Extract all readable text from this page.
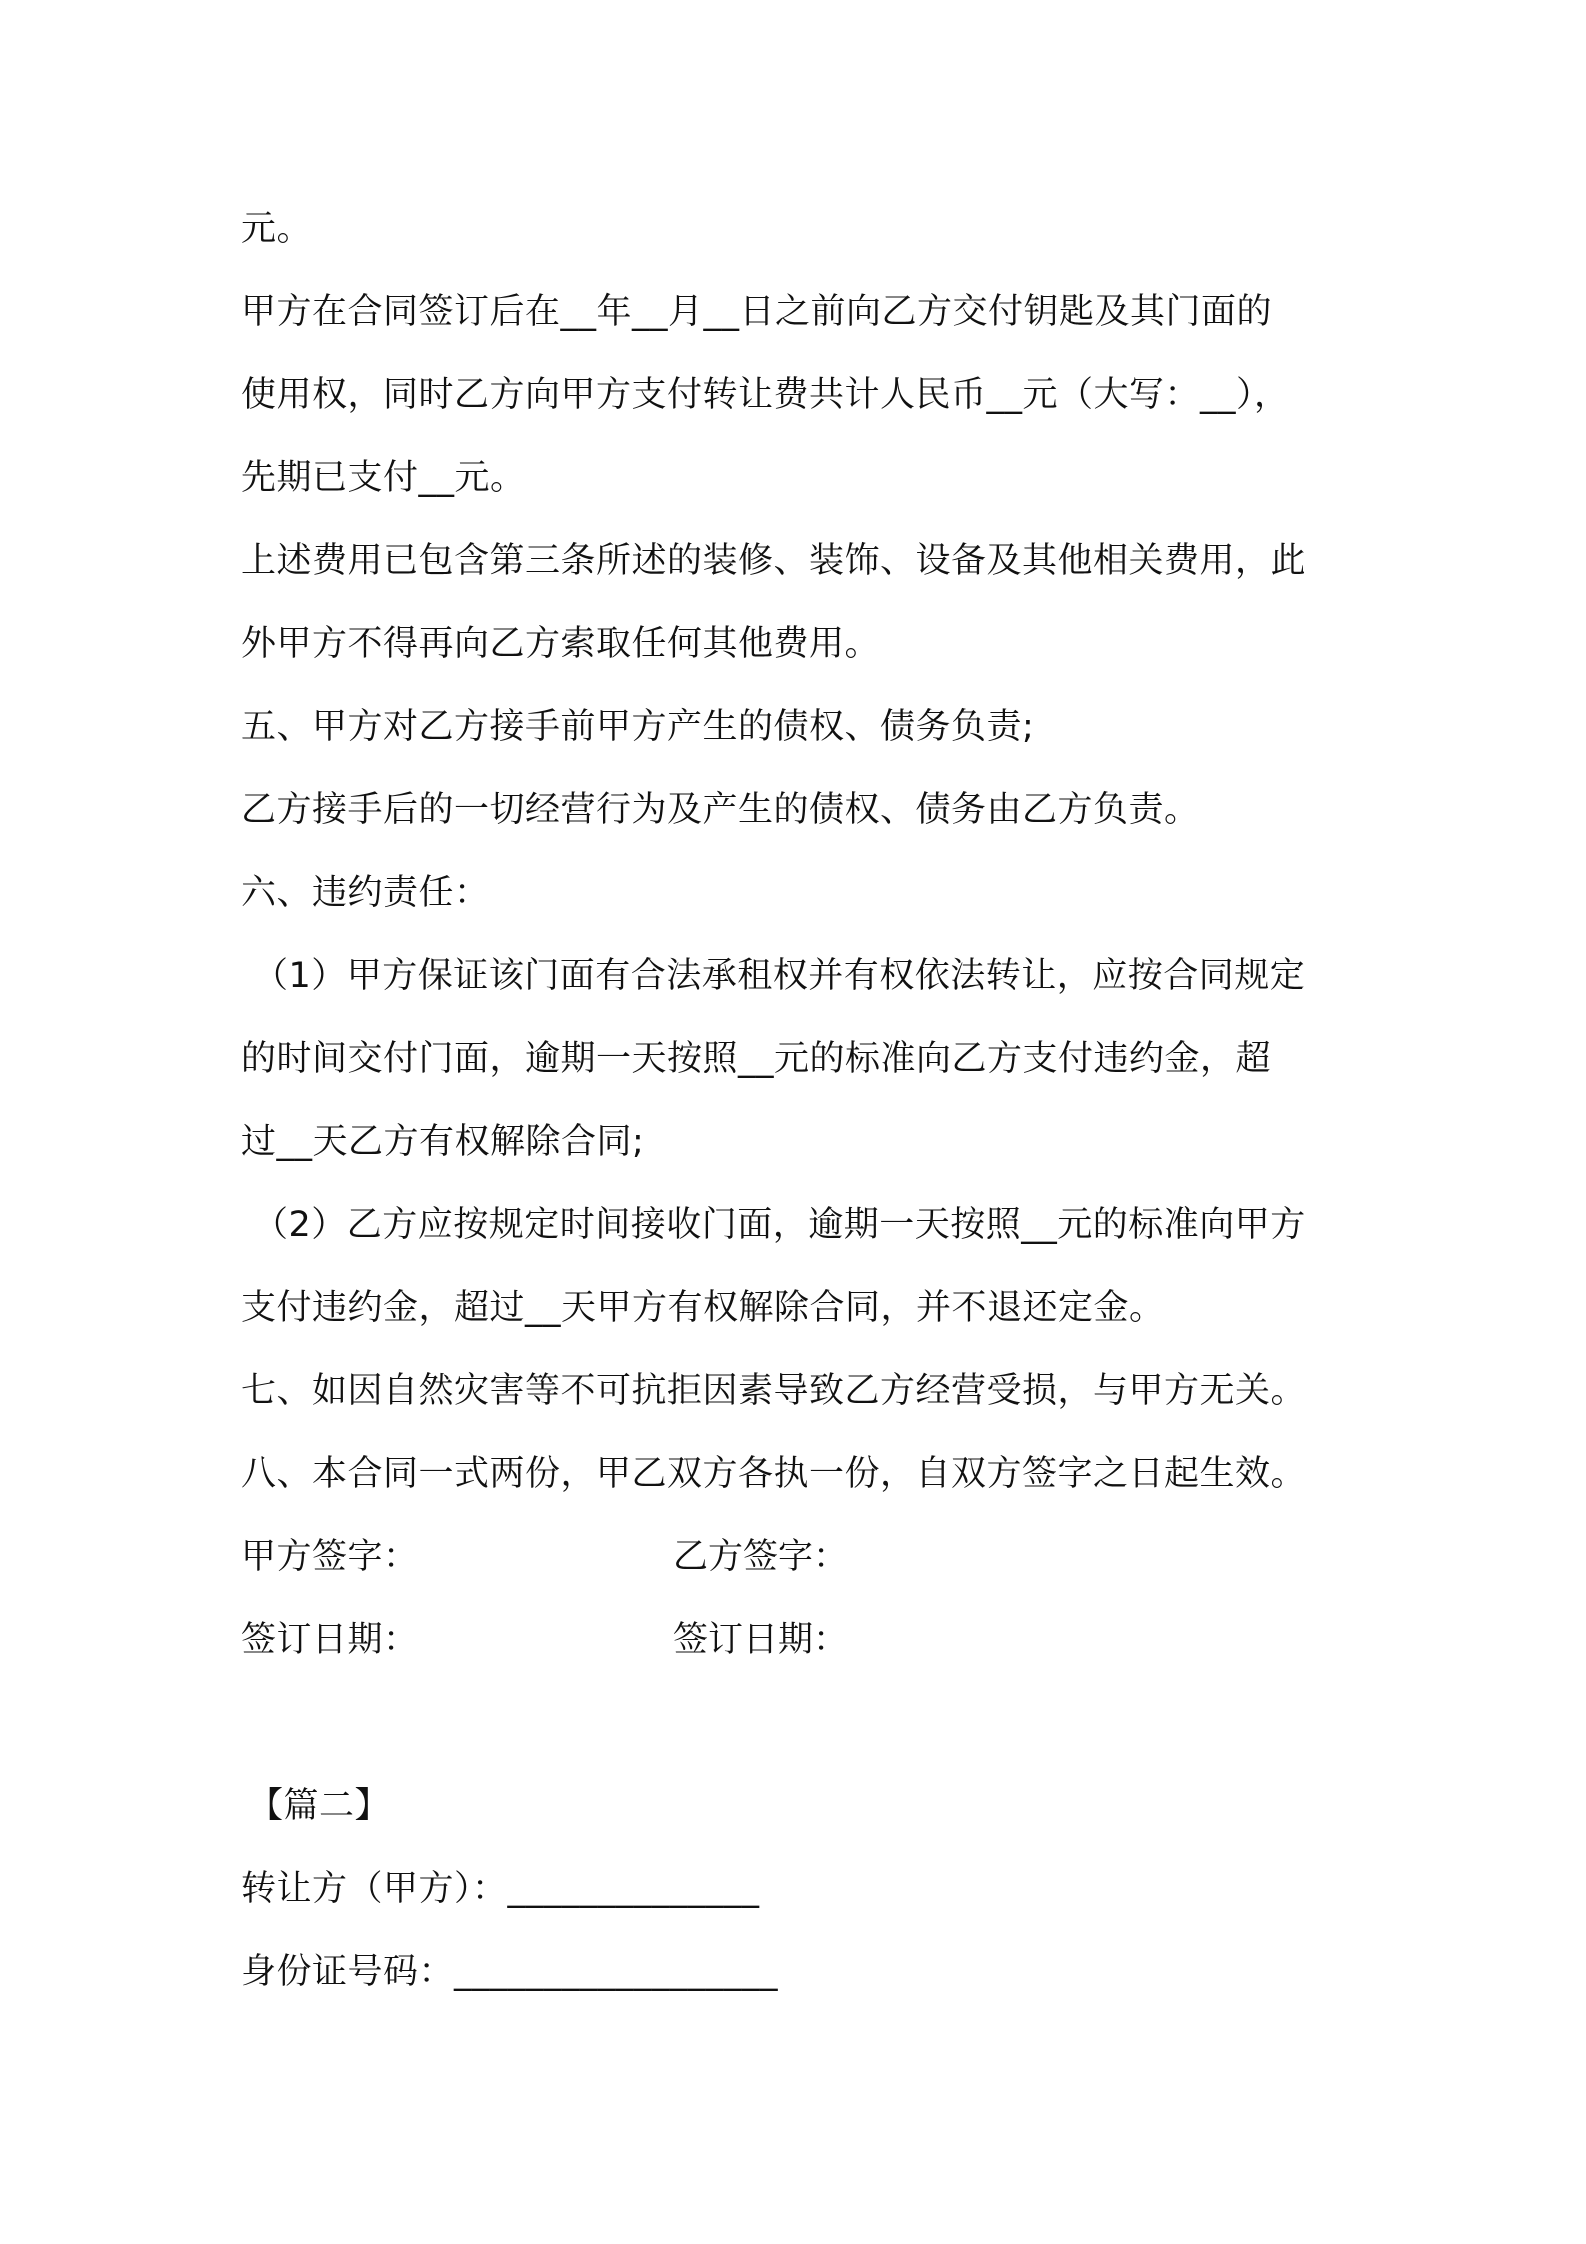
元。
甲方在合同签订后在__年__月__日之前向乙方交付钥匙及其门面的
使用权，同时乙方向甲方支付转让费共计人民币__元（大写：__），
先期已支付__元。
上述费用已包含第三条所述的装修、装饰、设备及其他相关费用，此
外甲方不得再向乙方索取任何其他费用。
五、甲方对乙方接手前甲方产生的债权、债务负责;
乙方接手后的一切经营行为及产生的债权、债务由乙方负责。
六、违约责任：
（1）甲方保证该门面有合法承租权并有权依法转让，应按合同规定
的时间交付门面，逾期一天按照__元的标准向乙方支付违约金，超
过__天乙方有权解除合同;
（2）乙方应按规定时间接收门面，逾期一天按照__元的标准向甲方
支付违约金，超过__天甲方有权解除合同，并不退还定金。
七、如因自然灾害等不可抗拒因素导致乙方经营受损，与甲方无关。
八、本合同一式两份，甲乙双方各执一份，自双方签字之日起生效。
甲方签字：	乙方签字：
签订日期：	签订日期：
【篇二】
转让方（甲方）：______________
身份证号码：__________________
